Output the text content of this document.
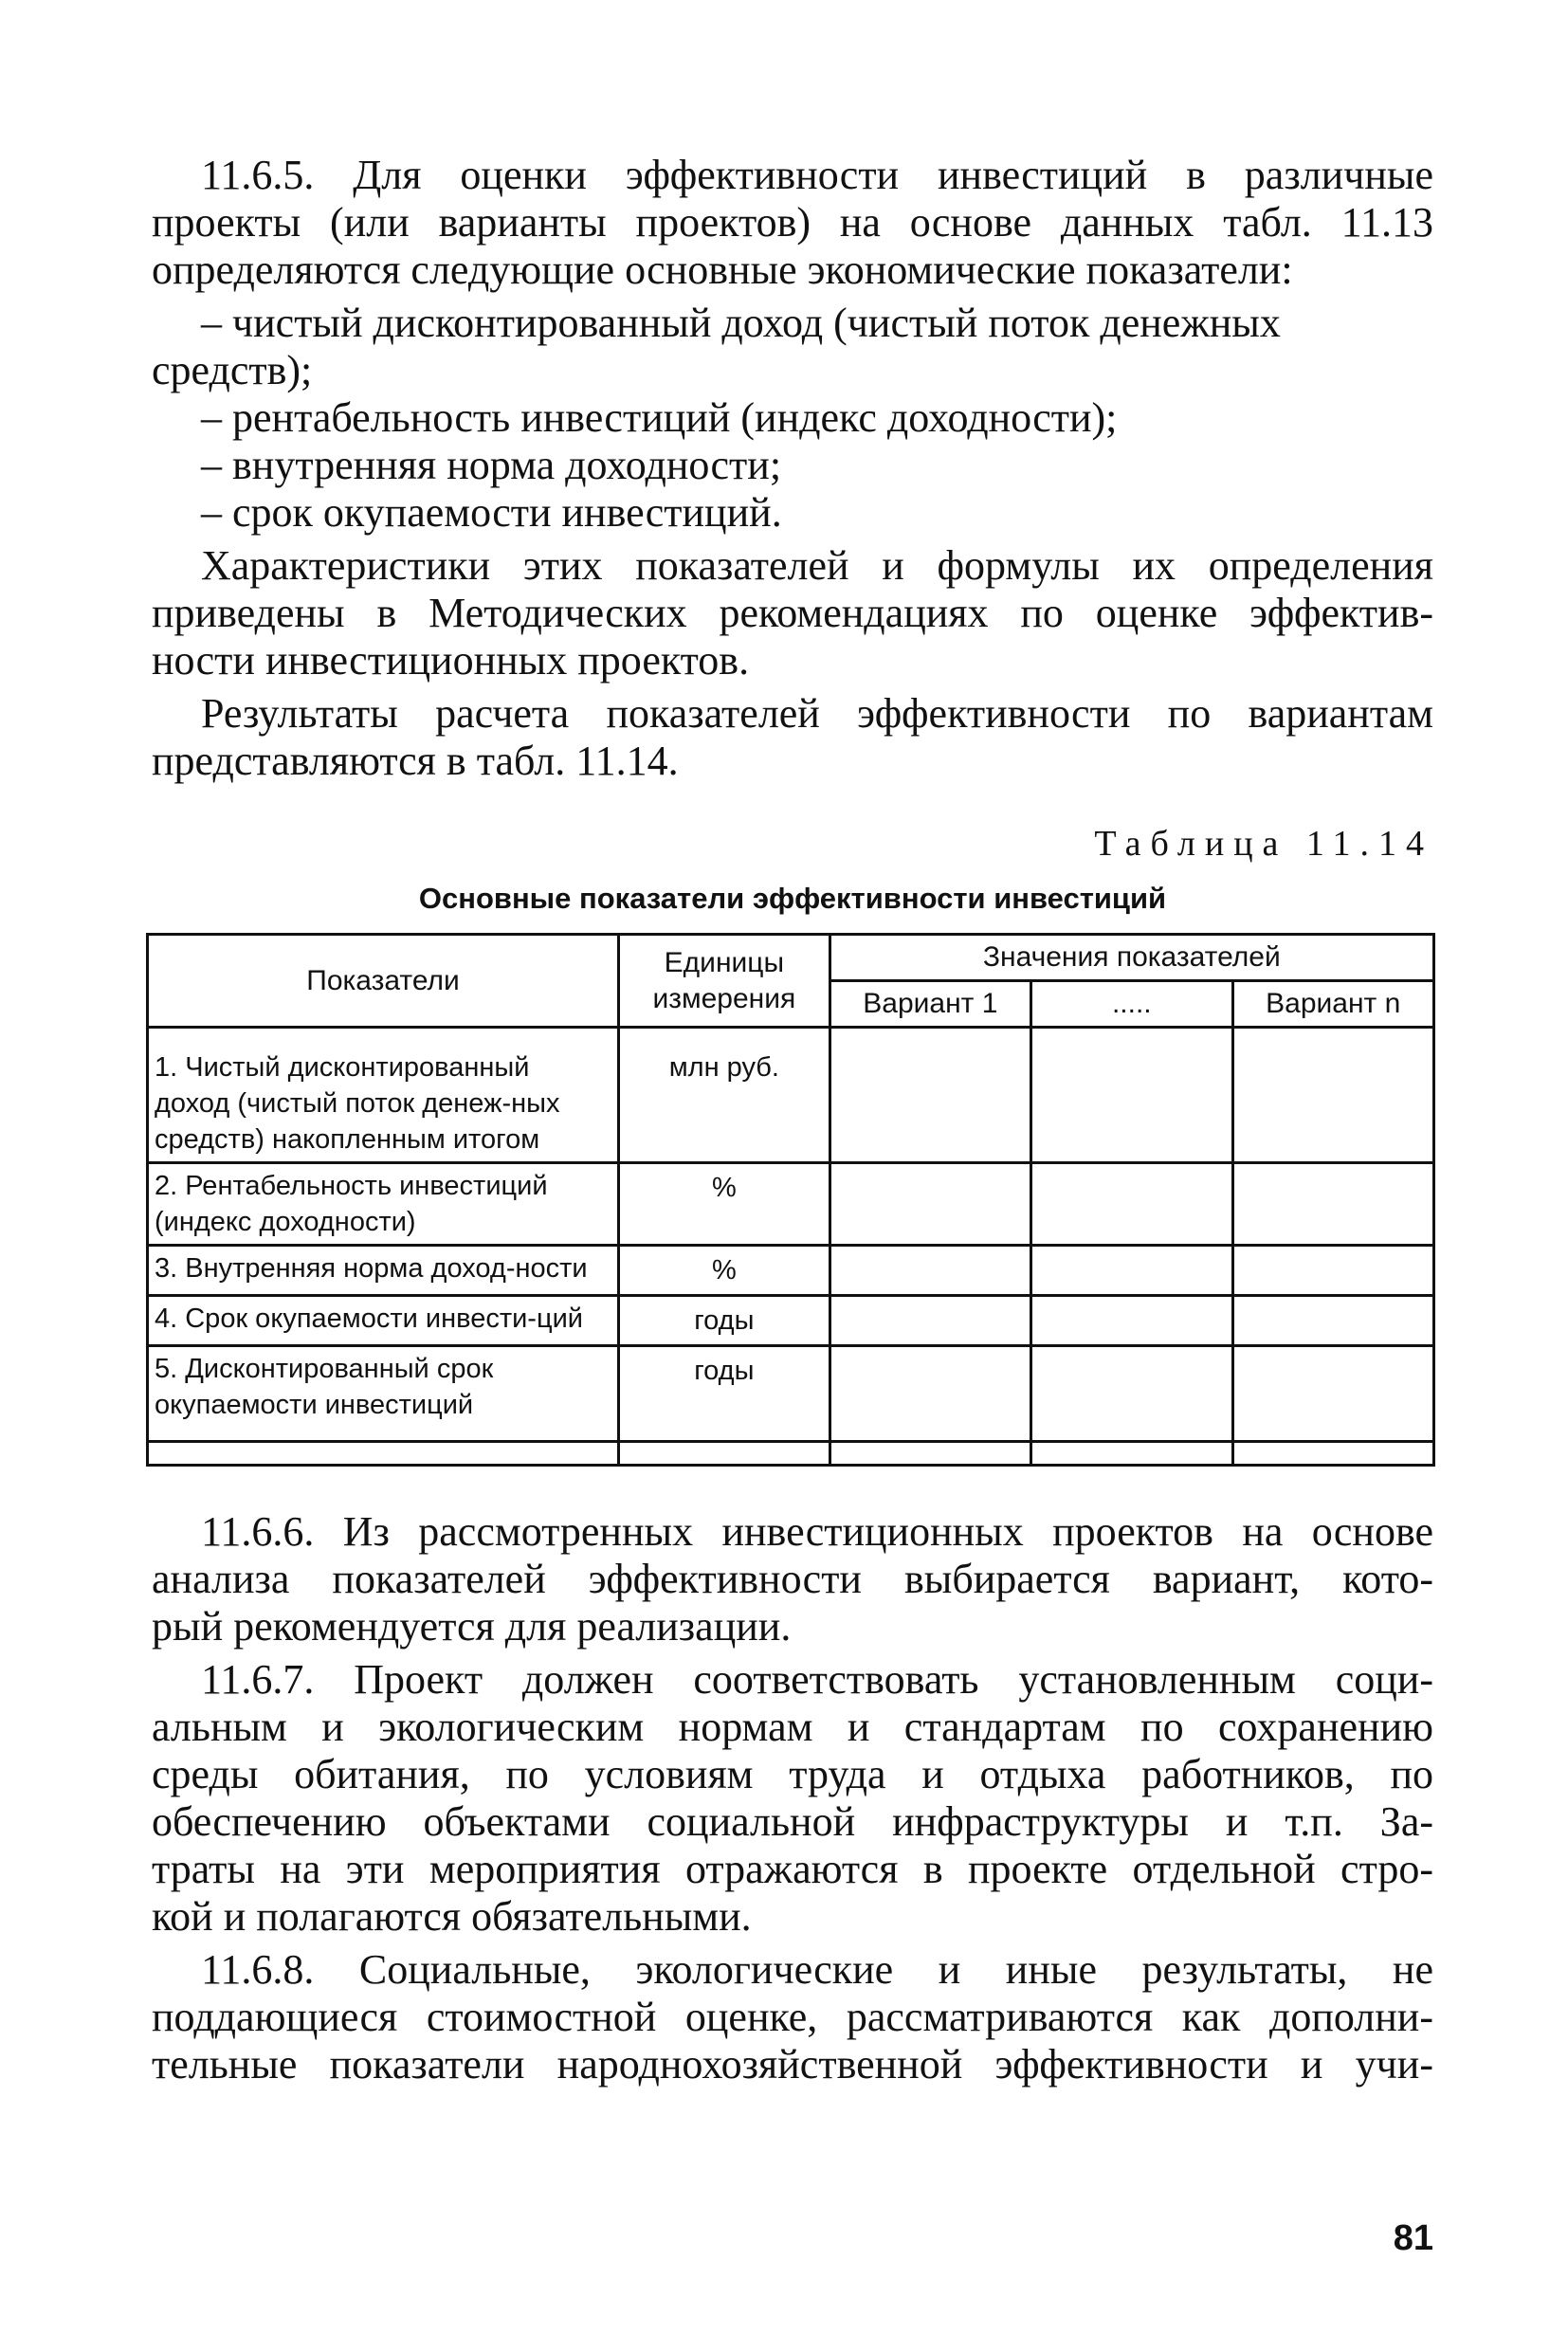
11.6.5. Для оценки эффективности инвестиций в различные
проекты (или варианты проектов) на основе данных табл. 11.13
определяются следующие основные экономические показатели:
– чистый дисконтированный доход (чистый поток денежных
средств);
– рентабельность инвестиций (индекс доходности);
– внутренняя норма доходности;
– срок окупаемости инвестиций.
Характеристики этих показателей и формулы их определения
приведены в Методических рекомендациях по оценке эффектив-
ности инвестиционных проектов.
Результаты расчета показателей эффективности по вариантам
представляются в табл. 11.14.
Таблица 11.14
Основные показатели эффективности инвестиций
Показатели	Единицы измерения	Значения показателей		
		Вариант 1	.....	Вариант n
1. Чистый дисконтированный доход (чистый поток денеж-ных средств) накопленным итогом	млн руб.			
2. Рентабельность инвестиций (индекс доходности)	%			
3. Внутренняя норма доход-ности	%			
4. Срок окупаемости инвести-ций	годы			
5. Дисконтированный срок окупаемости инвестиций	годы			

11.6.6. Из рассмотренных инвестиционных проектов на основе
анализа показателей эффективности выбирается вариант, кото-
рый рекомендуется для реализации.
11.6.7. Проект должен соответствовать установленным соци-
альным и экологическим нормам и стандартам по сохранению
среды обитания, по условиям труда и отдыха работников, по
обеспечению объектами социальной инфраструктуры и т.п. За-
траты на эти мероприятия отражаются в проекте отдельной стро-
кой и полагаются обязательными.
11.6.8. Социальные, экологические и иные результаты, не
поддающиеся стоимостной оценке, рассматриваются как дополни-
тельные показатели народнохозяйственной эффективности и учи-
81
